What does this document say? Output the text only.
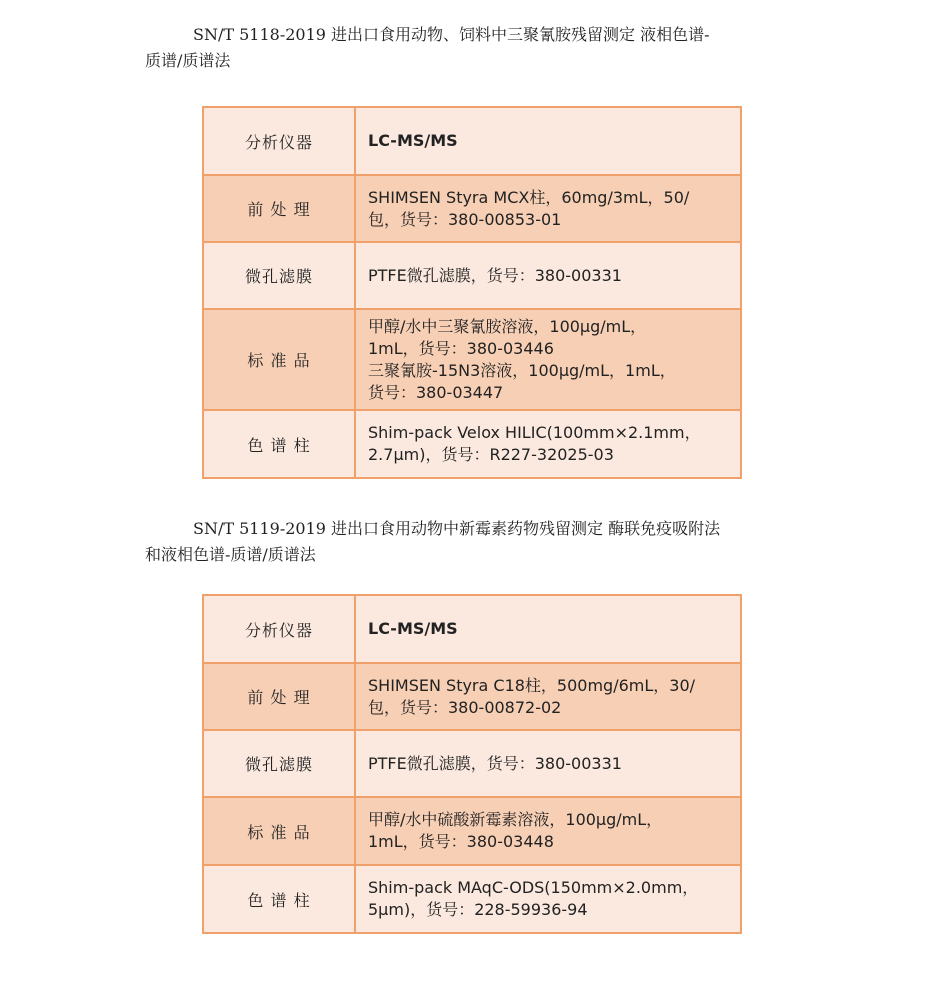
SN/T 5118-2019 进出口食用动物、饲料中三聚氰胺残留测定 液相色谱-
质谱/质谱法
分析仪器	LC-MS/MS

前 处 理	SHIMSEN Styra MCX柱，60mg/3mL，50/
包，货号：380-00853-01

微孔滤膜	PTFE微孔滤膜，货号：380-00331

标 准 品	甲醇/水中三聚氰胺溶液，100μg/mL，
1mL，货号：380-03446
三聚氰胺-15N3溶液，100μg/mL，1mL，
货号：380-03447

色 谱 柱	Shim-pack Velox HILIC(100mm×2.1mm，
2.7μm)，货号：R227-32025-03
SN/T 5119-2019 进出口食用动物中新霉素药物残留测定 酶联免疫吸附法
和液相色谱-质谱/质谱法
分析仪器	LC-MS/MS

前 处 理	SHIMSEN Styra C18柱，500mg/6mL，30/
包，货号：380-00872-02

微孔滤膜	PTFE微孔滤膜，货号：380-00331

标 准 品	甲醇/水中硫酸新霉素溶液，100μg/mL，
1mL，货号：380-03448

色 谱 柱	Shim-pack MAqC-ODS(150mm×2.0mm，
5μm)，货号：228-59936-94
